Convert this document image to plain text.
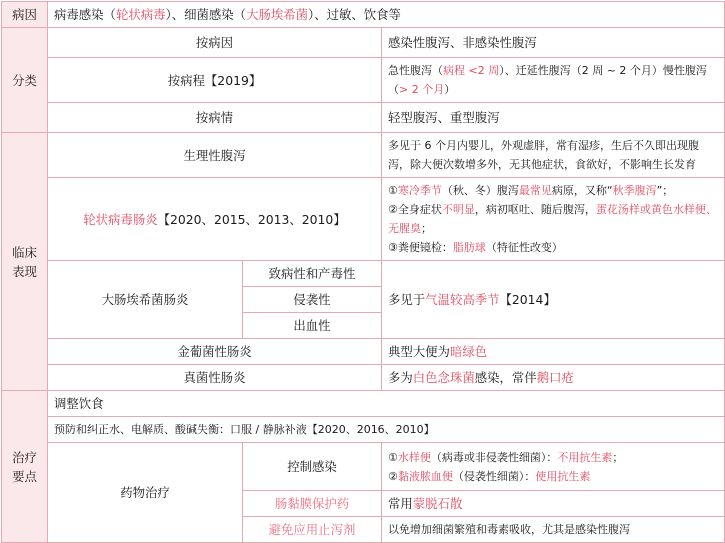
病因	病毒感染（轮状病毒）、细菌感染（大肠埃希菌）、过敏、饮食等		
分类	按病因		感染性腹泻、非感染性腹泻
	按病程【2019】		急性腹泻（病程 <2 周）、迁延性腹泻（2 周 ~ 2 个月）慢性腹泻（> 2 个月）
	按病情		轻型腹泻、重型腹泻
临床表现	生理性腹泻		多见于 6 个月内婴儿，外观虚胖，常有湿疹，生后不久即出现腹泻，除大便次数增多外，无其他症状，食欲好，不影响生长发育
	轮状病毒肠炎【2020、2015、2013、2010】		①寒冷季节（秋、冬）腹泻最常见病原，又称“秋季腹泻”；
②全身症状不明显，病初呕吐、随后腹泻，蛋花汤样或黄色水样便、无腥臭；
③粪便镜检：脂肪球（特征性改变）

	大肠埃希菌肠炎	致病性和产毒性	多见于气温较高季节【2014】
		侵袭性	
		出血性	
	金葡菌性肠炎		典型大便为暗绿色
	真菌性肠炎		多为白色念珠菌感染，常伴鹅口疮
治疗要点	调整饮食		
	预防和纠正水、电解质、酸碱失衡：口服 / 静脉补液【2020、2016、2010】		
	药物治疗	控制感染	①水样便（病毒或非侵袭性细菌）：不用抗生素；
②黏液脓血便（侵袭性细菌）：使用抗生素

		肠黏膜保护药	常用蒙脱石散
		避免应用止泻剂	以免增加细菌繁殖和毒素吸收，尤其是感染性腹泻
